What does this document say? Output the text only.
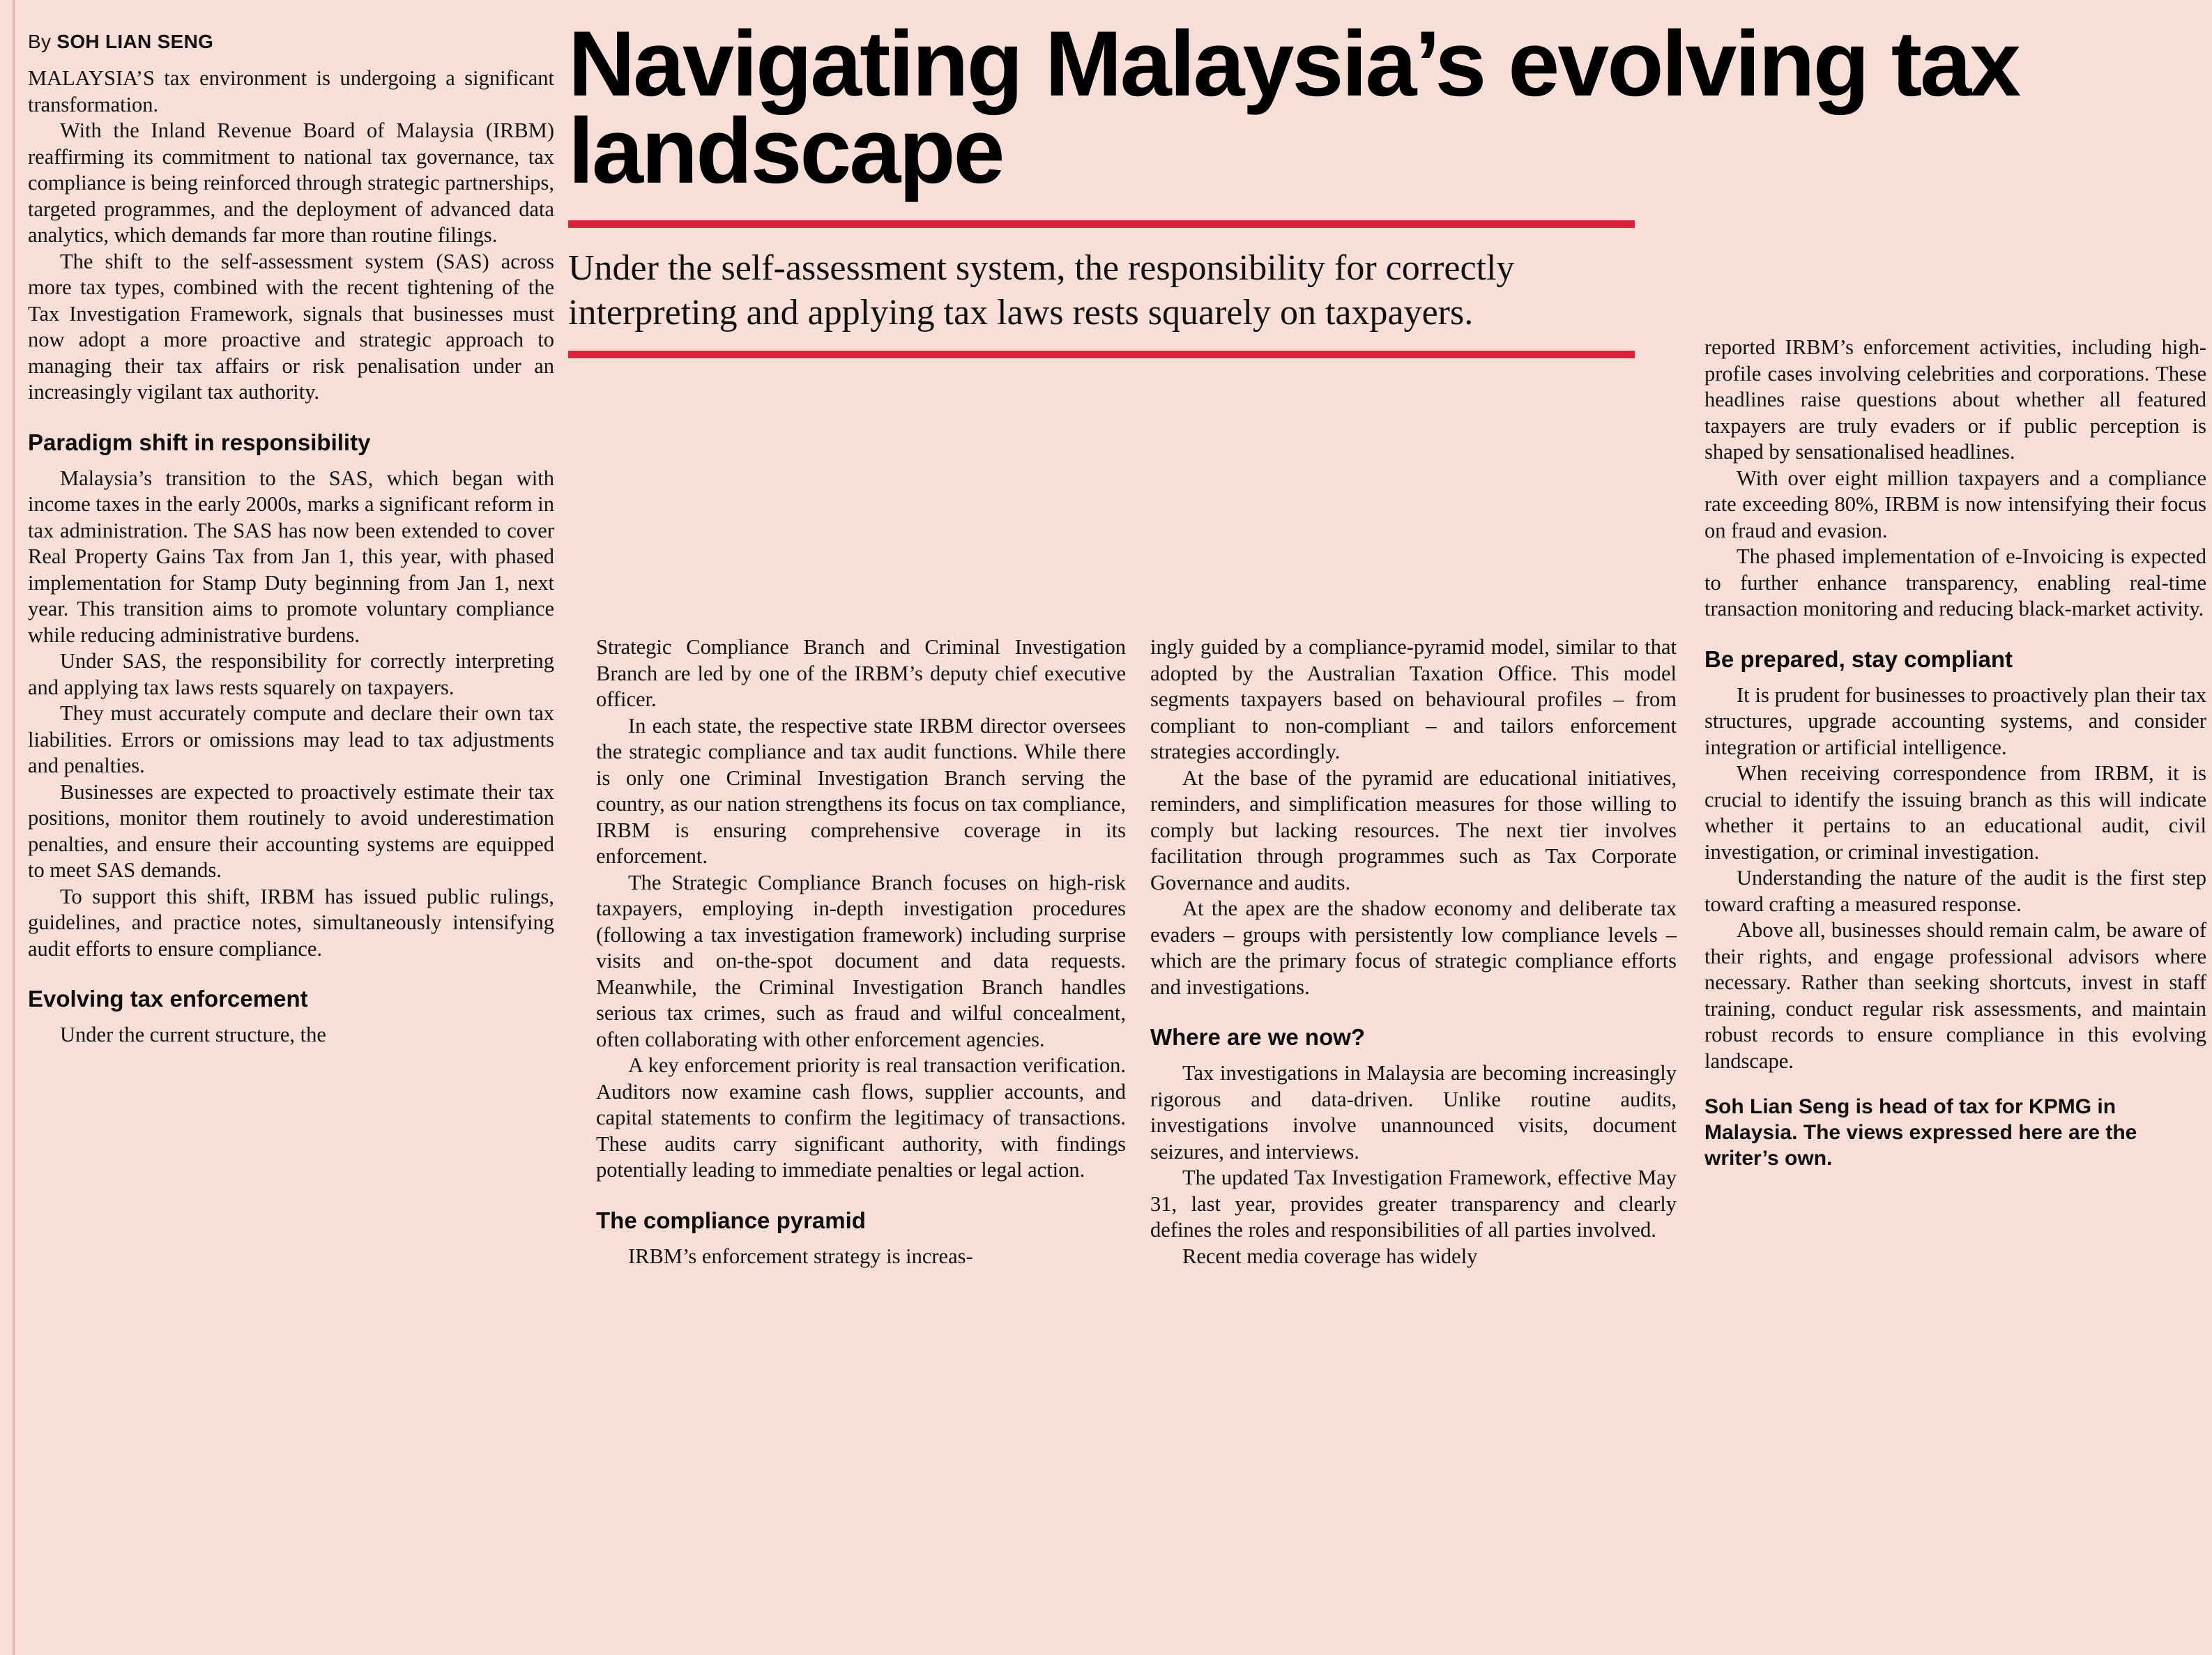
Navigating Malaysia’s evolving tax landscape
Under the self-assessment system, the responsibility for correctly interpreting and applying tax laws rests squarely on taxpayers.
By SOH LIAN SENG

MALAYSIA’S tax environment is undergoing a significant transformation.

With the Inland Revenue Board of Malaysia (IRBM) reaffirming its commitment to national tax governance, tax compliance is being reinforced through strategic partnerships, targeted programmes, and the deployment of advanced data analytics, which demands far more than routine filings.

The shift to the self-assessment system (SAS) across more tax types, combined with the recent tightening of the Tax Investigation Framework, signals that businesses must now adopt a more proactive and strategic approach to managing their tax affairs or risk penalisation under an increasingly vigilant tax authority.

Paradigm shift in responsibility

Malaysia’s transition to the SAS, which began with income taxes in the early 2000s, marks a significant reform in tax administration. The SAS has now been extended to cover Real Property Gains Tax from Jan 1, this year, with phased implementation for Stamp Duty beginning from Jan 1, next year. This transition aims to promote voluntary compliance while reducing administrative burdens.

Under SAS, the responsibility for correctly interpreting and applying tax laws rests squarely on taxpayers.

They must accurately compute and declare their own tax liabilities. Errors or omissions may lead to tax adjustments and penalties.

Businesses are expected to proactively estimate their tax positions, monitor them routinely to avoid underestimation penalties, and ensure their accounting systems are equipped to meet SAS demands.

To support this shift, IRBM has issued public rulings, guidelines, and practice notes, simultaneously intensifying audit efforts to ensure compliance.

Evolving tax enforcement

Under the current structure, the

Strategic Compliance Branch and Criminal Investigation Branch are led by one of the IRBM’s deputy chief executive officer.

In each state, the respective state IRBM director oversees the strategic compliance and tax audit functions. While there is only one Criminal Investigation Branch serving the country, as our nation strengthens its focus on tax compliance, IRBM is ensuring comprehensive coverage in its enforcement.

The Strategic Compliance Branch focuses on high-risk taxpayers, employing in-depth investigation procedures (following a tax investigation framework) including surprise visits and on-the-spot document and data requests. Meanwhile, the Criminal Investigation Branch handles serious tax crimes, such as fraud and wilful concealment, often collaborating with other enforcement agencies.

A key enforcement priority is real transaction verification. Auditors now examine cash flows, supplier accounts, and capital statements to confirm the legitimacy of transactions. These audits carry significant authority, with findings potentially leading to immediate penalties or legal action.

The compliance pyramid

IRBM’s enforcement strategy is increas-

ingly guided by a compliance-pyramid model, similar to that adopted by the Australian Taxation Office. This model segments taxpayers based on behavioural profiles – from compliant to non-compliant – and tailors enforcement strategies accordingly.

At the base of the pyramid are educational initiatives, reminders, and simplification measures for those willing to comply but lacking resources. The next tier involves facilitation through programmes such as Tax Corporate Governance and audits.

At the apex are the shadow economy and deliberate tax evaders – groups with persistently low compliance levels – which are the primary focus of strategic compliance efforts and investigations.

Where are we now?

Tax investigations in Malaysia are becoming increasingly rigorous and data-driven. Unlike routine audits, investigations involve unannounced visits, document seizures, and interviews.

The updated Tax Investigation Framework, effective May 31, last year, provides greater transparency and clearly defines the roles and responsibilities of all parties involved.

Recent media coverage has widely

reported IRBM’s enforcement activities, including high-profile cases involving celebrities and corporations. These headlines raise questions about whether all featured taxpayers are truly evaders or if public perception is shaped by sensationalised headlines.

With over eight million taxpayers and a compliance rate exceeding 80%, IRBM is now intensifying their focus on fraud and evasion.

The phased implementation of e-Invoicing is expected to further enhance transparency, enabling real-time transaction monitoring and reducing black-market activity.

Be prepared, stay compliant

It is prudent for businesses to proactively plan their tax structures, upgrade accounting systems, and consider integration or artificial intelligence.

When receiving correspondence from IRBM, it is crucial to identify the issuing branch as this will indicate whether it pertains to an educational audit, civil investigation, or criminal investigation.

Understanding the nature of the audit is the first step toward crafting a measured response.

Above all, businesses should remain calm, be aware of their rights, and engage professional advisors where necessary. Rather than seeking shortcuts, invest in staff training, conduct regular risk assessments, and maintain robust records to ensure compliance in this evolving landscape.

Soh Lian Seng is head of tax for KPMG in Malaysia. The views expressed here are the writer’s own.
